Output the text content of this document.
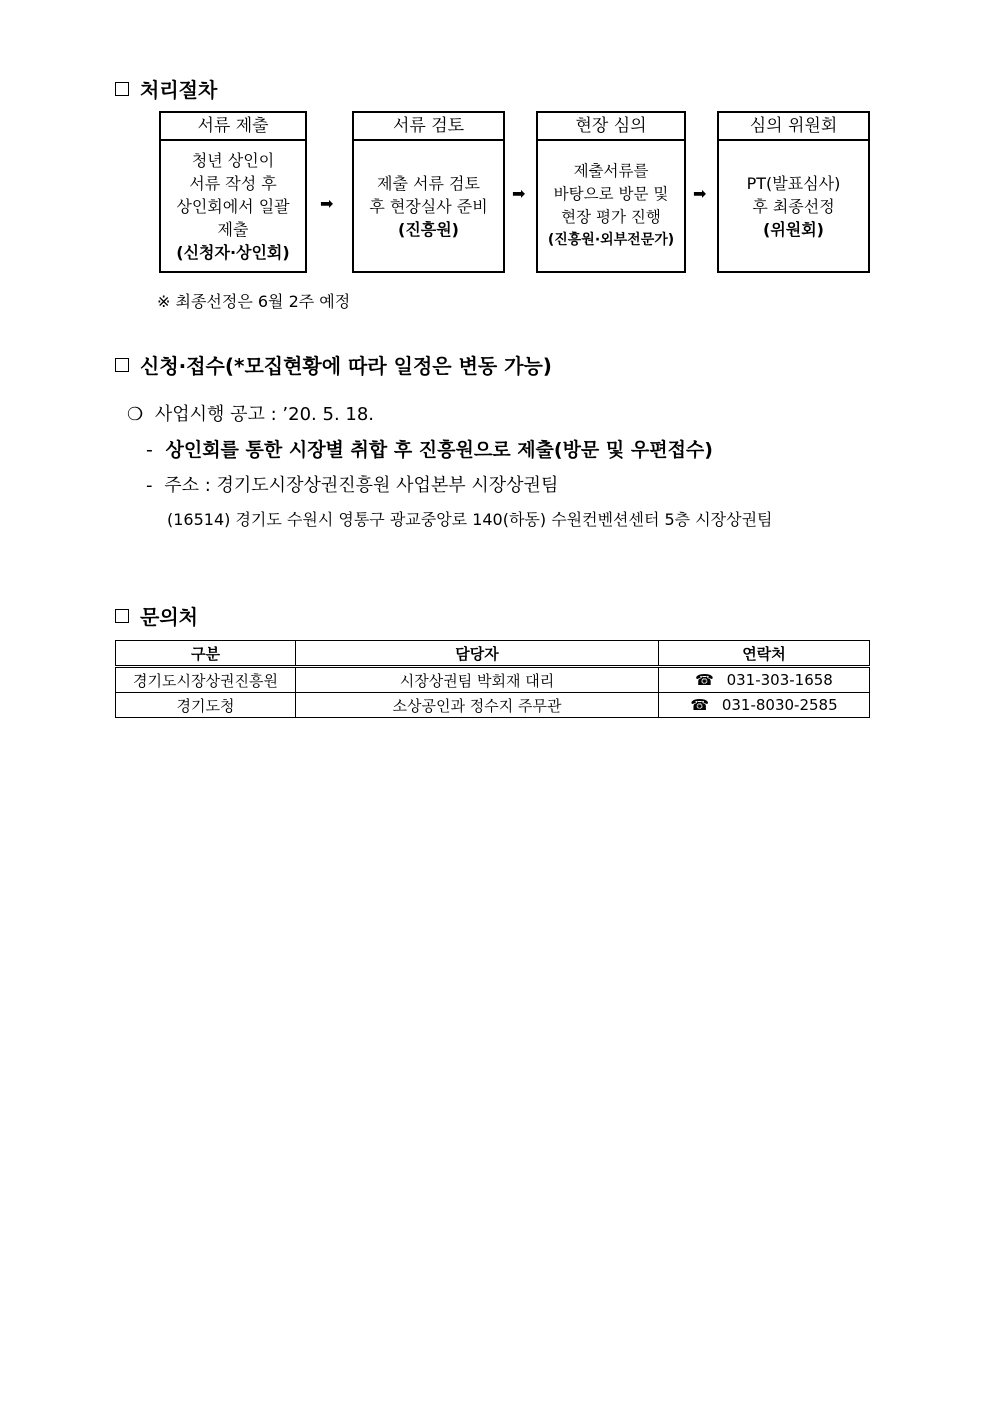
처리절차
서류 제출
청년 상인이
서류 작성 후
상인회에서 일괄
제출
(신청자·상인회)
➡
서류 검토
제출 서류 검토
후 현장실사 준비
(진흥원)
➡
현장 심의
제출서류를
바탕으로 방문 및
현장 평가 진행
(진흥원·외부전문가)
➡
심의 위원회
PT(발표심사)
후 최종선정
(위원회)
※ 최종선정은 6월 2주 예정
신청·접수(*모집현황에 따라 일정은 변동 가능)
❍ 사업시행 공고 : ’20. 5. 18.
- 상인회를 통한 시장별 취합 후 진흥원으로 제출(방문 및 우편접수)
- 주소 : 경기도시장상권진흥원 사업본부 시장상권팀
(16514) 경기도 수원시 영통구 광교중앙로 140(하동) 수원컨벤션센터 5층 시장상권팀
문의처
구분	담당자	연락처
경기도시장상권진흥원	시장상권팀 박회재 대리	☎ 031-303-1658
경기도청	소상공인과 정수지 주무관	☎ 031-8030-2585
